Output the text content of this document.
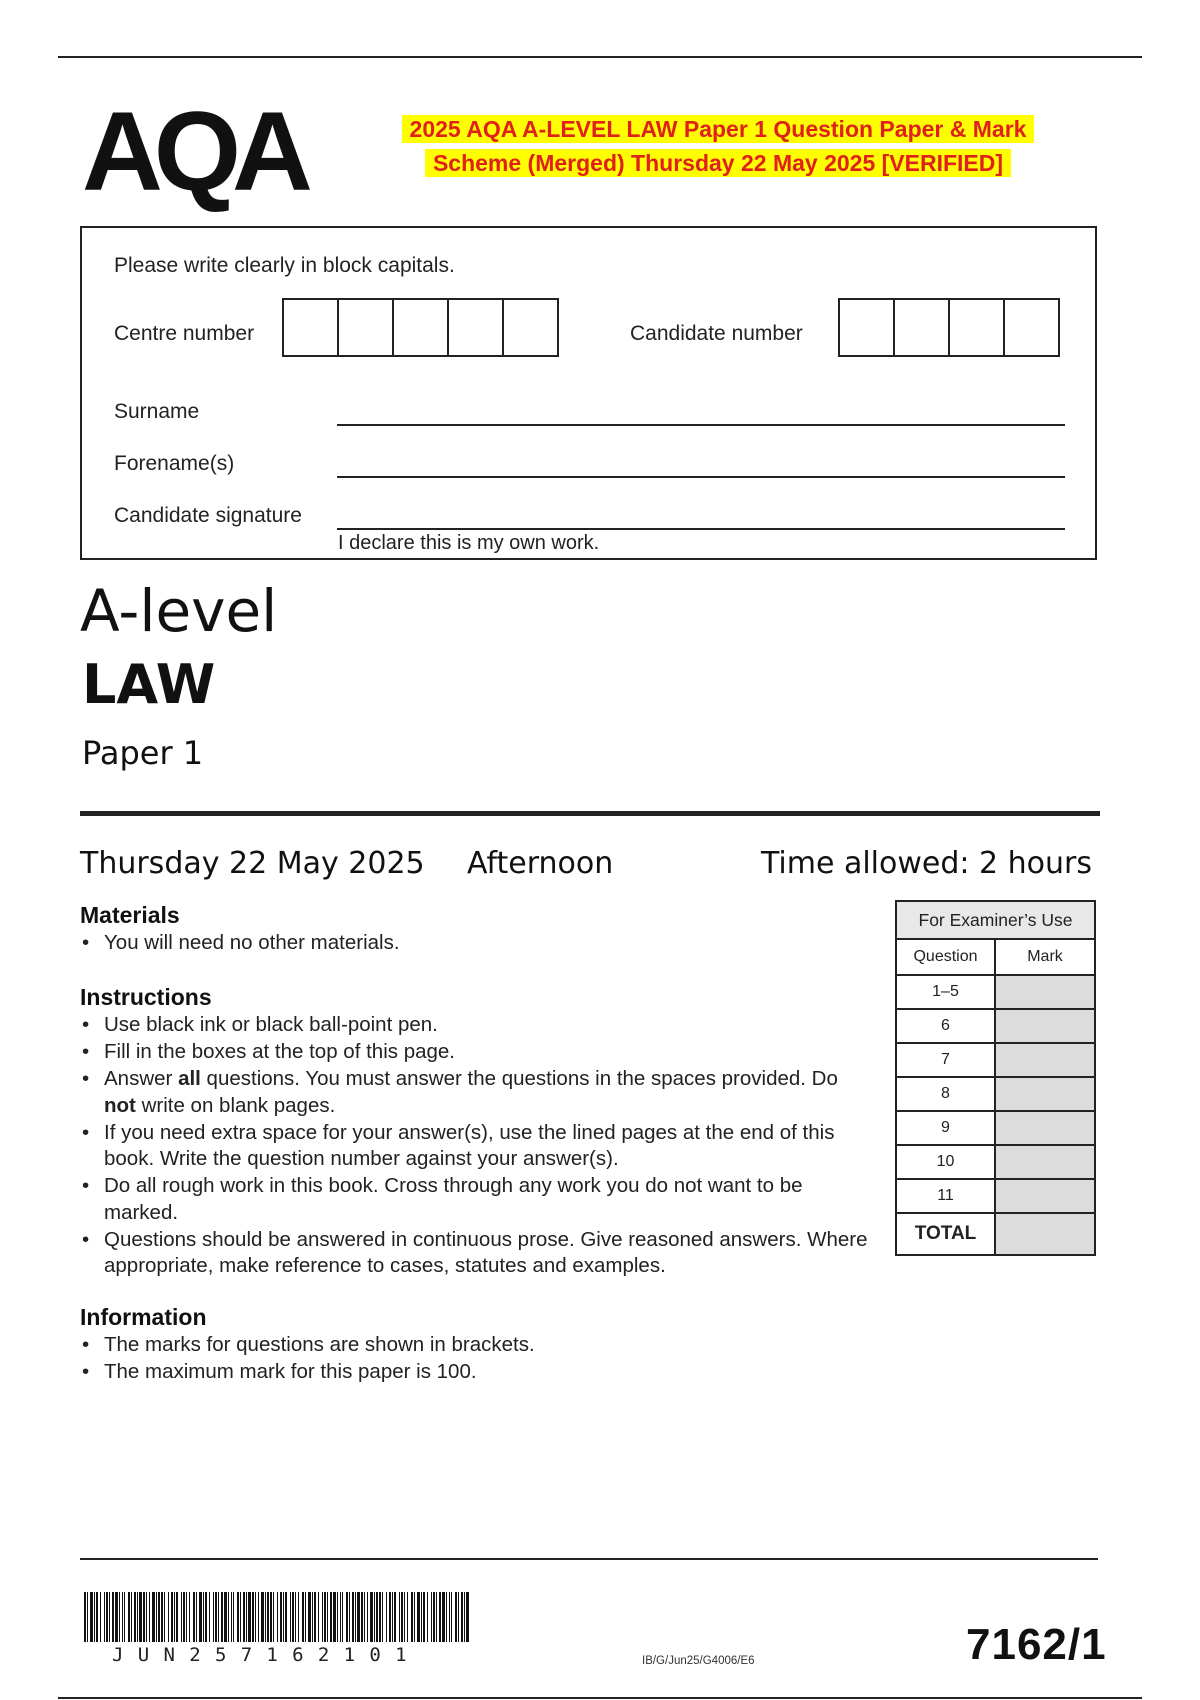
AQA	2025 AQA A-LEVEL LAW Paper 1 Question Paper & Mark
Scheme (Merged) Thursday 22 May 2025 [VERIFIED]
Please write clearly in block capitals.
Centre number	Candidate number
Surname
Forename(s)
Candidate signature
I declare this is my own work.
A-level
LAW
Paper 1
Thursday 22 May 2025 Afternoon	Time allowed: 2 hours
Materials
• You will need no other materials.
Instructions
• Use black ink or black ball-point pen.
• Fill in the boxes at the top of this page.
• Answer all questions. You must answer the questions in the spaces provided. Do not write on blank pages.
• If you need extra space for your answer(s), use the lined pages at the end of this book. Write the question number against your answer(s).
• Do all rough work in this book. Cross through any work you do not want to be marked.
• Questions should be answered in continuous prose. Give reasoned answers. Where appropriate, make reference to cases, statutes and examples.
Information
• The marks for questions are shown in brackets.
• The maximum mark for this paper is 100.
For Examiner’s Use
Question	Mark
1–5
6
7
8
9
10
11
TOTAL
JUN257162101	IB/G/Jun25/G4006/E6	7162/1
